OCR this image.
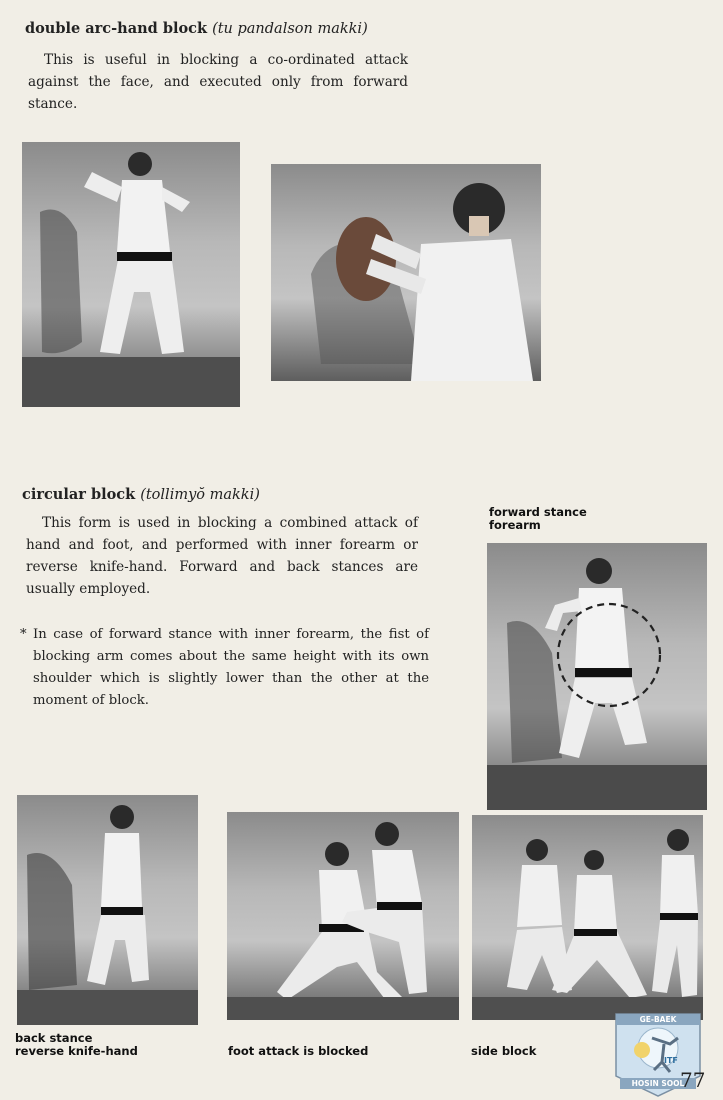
double arc-hand block (tu pandalson makki)

This is useful in blocking a co-ordinated attack against the face, and executed only from forward stance.

circular block (tollimyŏ makki)

This form is used in blocking a combined attack of hand and foot, and performed with inner forearm or reverse knife-hand. Forward and back stances are usually employed.

* In case of forward stance with inner forearm, the fist of blocking arm comes about the same height with its own shoulder which is slightly lower than the other at the moment of block.

forward stance
forearm
back stance
reverse knife-hand	foot attack is blocked	side block
GE-BAEK
HOSIN SOOL
ITF
77
